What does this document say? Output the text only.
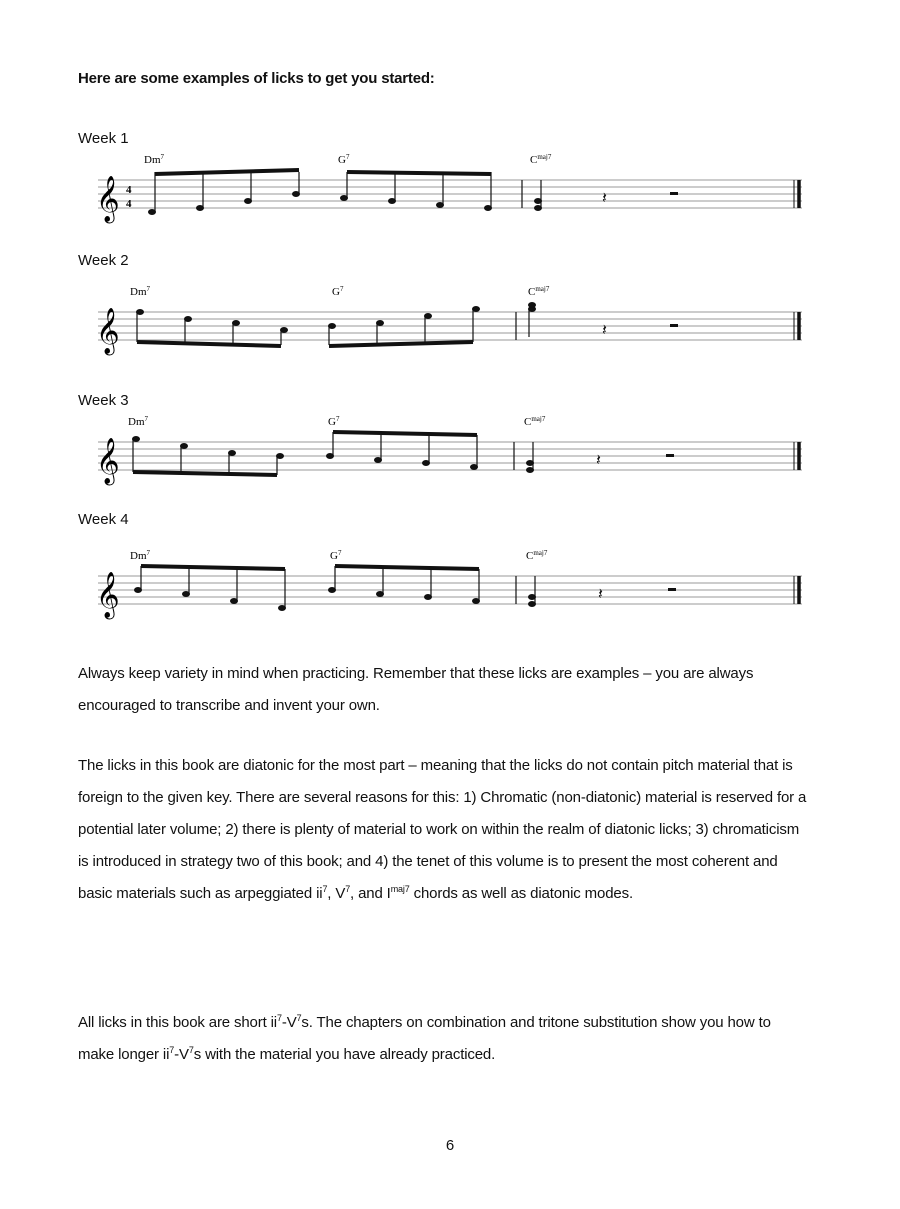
Here are some examples of licks to get you started:
Week 1
𝄞 4
4
Dm$^7$	$G^7$	$C^{maj7}$
𝄽
Week 2
𝄞
Dm$^7$	$G^7$	$C^{maj7}$
𝄽
Week 3
𝄞
Dm$^7$	$G^7$	$C^{maj7}$
𝄽
Week 4
𝄞
Dm$^7$	$G^7$	$C^{maj7}$
𝄽

Always keep variety in mind when practicing. Remember that these licks are examples – you are always encouraged to transcribe and invent your own.

The licks in this book are diatonic for the most part – meaning that the licks do not contain pitch material that is foreign to the given key. There are several reasons for this: 1) Chromatic (non-diatonic) material is reserved for a potential later volume; 2) there is plenty of material to work on within the realm of diatonic licks; 3) chromaticism is introduced in strategy two of this book; and 4) the tenet of this volume is to present the most coherent and basic materials such as arpeggiated $ii^7$, $V^7$, and $I^{maj7}$ chords as well as diatonic modes.

All licks in this book are short $ii^7-V^7s$. The chapters on combination and tritone substitution show you how to make longer $ii^7-V^7s$ with the material you have already practiced.

6
